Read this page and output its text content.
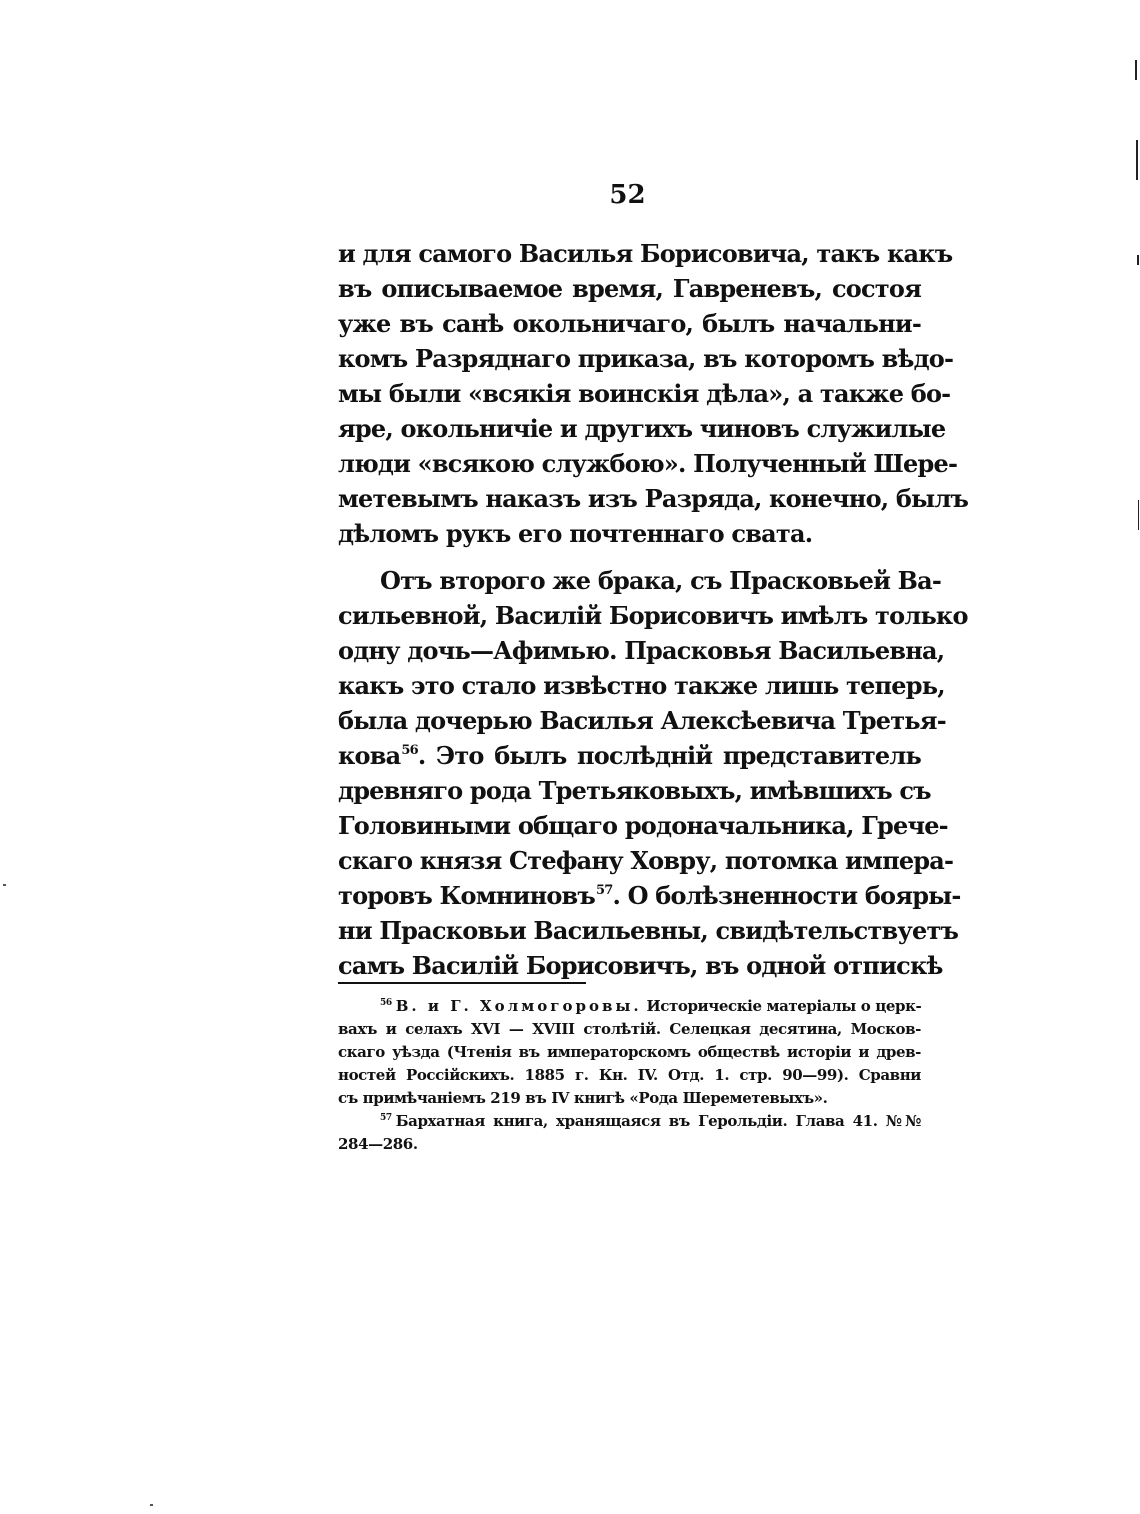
52
и для самого Василья Борисовича, такъ какъ
въ описываемое время, Гавреневъ, состоя
уже въ санѣ окольничаго, былъ начальни-
комъ Разряднаго приказа, въ которомъ вѣдо-
мы были «всякія воинскія дѣла», а также бо-
яре, окольничіе и другихъ чиновъ служилые
люди «всякою службою». Полученный Шере-
метевымъ наказъ изъ Разряда, конечно, былъ
дѣломъ рукъ его почтеннаго свата.
Отъ второго же брака, съ Прасковьей Ва-
сильевной, Василій Борисовичъ имѣлъ только
одну дочь—Афимью. Прасковья Васильевна,
какъ это стало извѣстно также лишь теперь,
была дочерью Василья Алексѣевича Третья-
кова$^{56}$. Это былъ послѣдній представитель
древняго рода Третьяковыхъ, имѣвшихъ съ
Головиными общаго родоначальника, Грече-
скаго князя Стефану Ховру, потомка импера-
торовъ Комниновъ$^{57}$. О болѣзненности бояры-
ни Прасковьи Васильевны, свидѣтельствуетъ
самъ Василій Борисовичъ, въ одной отпискѣ
$^{56}$ В. и Г. Холмогоровы. Историческіе матеріалы о церк-
вахъ и селахъ XVI — XVIII столѣтій. Селецкая десятина, Москов-
скаго уѣзда (Чтенія въ императорскомъ обществѣ исторіи и древ-
ностей Россійскихъ. 1885 г. Кн. IV. Отд. 1. стр. 90—99). Сравни
съ примѣчаніемъ 219 въ IV книгѣ «Рода Шереметевыхъ».
$^{57}$ Бархатная книга, хранящаяся въ Герольдіи. Глава 41. №№
284—286.
